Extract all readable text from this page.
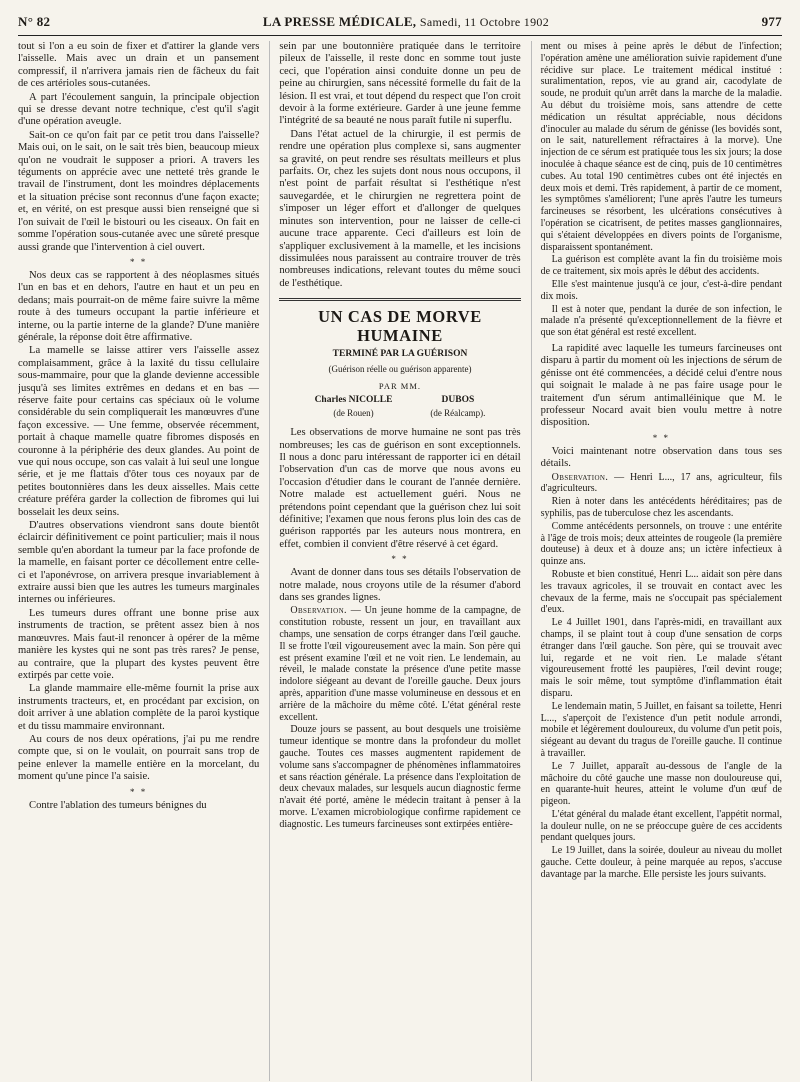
N° 82	LA PRESSE MÉDICALE, Samedi, 11 Octobre 1902	977

tout si l'on a eu soin de fixer et d'attirer la glande vers l'aisselle. Mais avec un drain et un pansement compressif, il n'arrivera jamais rien de fâcheux du fait de ces artérioles sous-cutanées.

A part l'écoulement sanguin, la principale objection qui se dresse devant notre technique, c'est qu'il s'agit d'une opération aveugle.

Sait-on ce qu'on fait par ce petit trou dans l'aisselle? Mais oui, on le sait, on le sait très bien, beaucoup mieux qu'on ne voudrait le supposer a priori. A travers les téguments on apprécie avec une netteté très grande le travail de l'instrument, dont les moindres déplacements et la situation précise sont reconnus d'une façon exacte; et, en vérité, on est presque aussi bien renseigné que si l'on suivait de l'œil le bistouri ou les ciseaux. On fait en somme l'opération sous-cutanée avec une sûreté presque aussi grande que l'intervention à ciel ouvert.

* *

Nos deux cas se rapportent à des néoplasmes situés l'un en bas et en dehors, l'autre en haut et un peu en dedans; mais pourrait-on de même faire suivre la même route à des tumeurs occupant la partie inférieure et interne, ou la partie interne de la glande? D'une manière générale, la réponse doit être affirmative.

La mamelle se laisse attirer vers l'aisselle assez complaisamment, grâce à la laxité du tissu cellulaire sous-mammaire, pour que la glande devienne accessible jusqu'à ses limites extrêmes en dedans et en bas — réserve faite pour certains cas spéciaux où le volume considérable du sein compliquerait les manœuvres d'une façon excessive. — Une femme, observée récemment, portait à chaque mamelle quatre fibromes disposés en couronne à la périphérie des deux glandes. Au point de vue qui nous occupe, son cas valait à lui seul une longue série, et je me flattais d'ôter tous ces noyaux par de petites boutonnières dans les deux aisselles. Mais cette créature préféra garder la collection de fibromes qui lui bosselait les deux seins.

D'autres observations viendront sans doute bientôt éclaircir définitivement ce point particulier; mais il nous semble qu'en abordant la tumeur par la face profonde de la mamelle, en faisant porter ce décollement entre celle-ci et l'aponévrose, on arrivera presque invariablement à extraire aussi bien que les autres les tumeurs marginales internes ou inférieures.

Les tumeurs dures offrant une bonne prise aux instruments de traction, se prêtent assez bien à nos manœuvres. Mais faut-il renoncer à opérer de la même manière les kystes qui ne sont pas très rares? Je pense, au contraire, que la plupart des kystes peuvent être extirpés par cette voie.

La glande mammaire elle-même fournit la prise aux instruments tracteurs, et, en procédant par excision, on doit arriver à une ablation complète de la paroi kystique et du tissu mammaire environnant.

Au cours de nos deux opérations, j'ai pu me rendre compte que, si on le voulait, on pourrait sans trop de peine enlever la mamelle entière en la morcelant, du moment qu'une pince l'a saisie.

* *

Contre l'ablation des tumeurs bénignes du

sein par une boutonnière pratiquée dans le territoire pileux de l'aisselle, il reste donc en somme tout juste ceci, que l'opération ainsi conduite donne un peu de peine au chirurgien, sans nécessité formelle du fait de la lésion. Il est vrai, et tout dépend du respect que l'on croit devoir à la forme extérieure. Garder à une jeune femme l'intégrité de sa beauté ne nous paraît futile ni superflu.

Dans l'état actuel de la chirurgie, il est permis de rendre une opération plus complexe si, sans augmenter sa gravité, on peut rendre ses résultats meilleurs et plus parfaits. Or, chez les sujets dont nous nous occupons, il n'est point de parfait résultat si l'esthétique n'est sauvegardée, et le chirurgien ne regrettera point de s'imposer un léger effort et d'allonger de quelques minutes son intervention, pour ne laisser de celle-ci aucune trace apparente. Ceci d'ailleurs est loin de s'appliquer exclusivement à la mamelle, et les incisions dissimulées nous paraissent au contraire trouver de très nombreuses indications, relevant toutes du même souci de l'esthétique.

UN CAS DE MORVE HUMAINE
TERMINÉ PAR LA GUÉRISON
(Guérison réelle ou guérison apparente)
PAR MM.
Charles NICOLLE
(de Rouen)
DUBOS
(de Réalcamp).

Les observations de morve humaine ne sont pas très nombreuses; les cas de guérison en sont exceptionnels. Il nous a donc paru intéressant de rapporter ici en détail l'observation d'un cas de morve que nous avons eu l'occasion d'étudier dans le courant de l'année dernière. Notre malade est actuellement guéri. Nous ne prétendons point cependant que la guérison chez lui soit définitive; l'examen que nous ferons plus loin des cas de guérison rapportés par les auteurs nous montrera, en effet, combien il convient d'être réservé à cet égard.

* *

Avant de donner dans tous ses détails l'observation de notre malade, nous croyons utile de la résumer d'abord dans ses grandes lignes.

Observation. — Un jeune homme de la campagne, de constitution robuste, ressent un jour, en travaillant aux champs, une sensation de corps étranger dans l'œil gauche. Il se frotte l'œil vigoureusement avec la main. Son père qui est présent examine l'œil et ne voit rien. Le lendemain, au réveil, le malade constate la présence d'une petite masse indolore siégeant au devant de l'oreille gauche. Deux jours après, apparition d'une masse volumineuse en dessous et en arrière de la mâchoire du même côté. L'état général reste excellent.

Douze jours se passent, au bout desquels une troisième tumeur identique se montre dans la profondeur du mollet gauche. Toutes ces masses augmentent rapidement de volume sans s'accompagner de phénomènes inflammatoires et sans réaction générale. La présence dans l'exploitation de deux chevaux malades, sur lesquels aucun diagnostic ferme n'avait été porté, amène le médecin traitant à penser à la morve. L'examen microbiologique confirme rapidement ce diagnostic. Les tumeurs farcineuses sont extirpées entière-

ment ou mises à peine après le début de l'infection; l'opération amène une amélioration suivie rapidement d'une récidive sur place. Le traitement médical institué : suralimentation, repos, vie au grand air, cacodylate de soude, ne produit qu'un arrêt dans la marche de la maladie. Au début du troisième mois, sans attendre de cette médication un résultat appréciable, nous décidons d'inoculer au malade du sérum de génisse (les bovidés sont, on le sait, naturellement réfractaires à la morve). Une injection de ce sérum est pratiquée tous les six jours; la dose inoculée à chaque séance est de cinq, puis de 10 centimètres cubes. Au total 190 centimètres cubes ont été injectés en deux mois et demi. Très rapidement, à partir de ce moment, les symptômes s'améliorent; l'une après l'autre les tumeurs farcineuses se résorbent, les ulcérations consécutives à l'opération se cicatrisent, de petites masses ganglionnaires, qui s'étaient développées en divers points de l'organisme, disparaissent spontanément.

La guérison est complète avant la fin du troisième mois de ce traitement, six mois après le début des accidents.

Elle s'est maintenue jusqu'à ce jour, c'est-à-dire pendant dix mois.

Il est à noter que, pendant la durée de son infection, le malade n'a présenté qu'exceptionnellement de la fièvre et que son état général est resté excellent.

La rapidité avec laquelle les tumeurs farcineuses ont disparu à partir du moment où les injections de sérum de génisse ont été commencées, a décidé celui d'entre nous qui soignait le malade à ne pas faire usage pour le traitement d'un sérum antimalléinique que M. le professeur Nocard avait bien voulu mettre à notre disposition.

* *

Voici maintenant notre observation dans tous ses détails.

Observation. — Henri L..., 17 ans, agriculteur, fils d'agriculteurs.

Rien à noter dans les antécédents héréditaires; pas de syphilis, pas de tuberculose chez les ascendants.

Comme antécédents personnels, on trouve : une entérite à l'âge de trois mois; deux atteintes de rougeole (la première douteuse) à deux et à douze ans; un ictère infectieux à quinze ans.

Robuste et bien constitué, Henri L... aidait son père dans les travaux agricoles, il se trouvait en contact avec les chevaux de la ferme, mais ne s'occupait pas spécialement d'eux.

Le 4 Juillet 1901, dans l'après-midi, en travaillant aux champs, il se plaint tout à coup d'une sensation de corps étranger dans l'œil gauche. Son père, qui se trouvait avec lui, regarde et ne voit rien. Le malade s'étant vigoureusement frotté les paupières, l'œil devint rouge; mais le soir même, tout symptôme d'inflammation était disparu.

Le lendemain matin, 5 Juillet, en faisant sa toilette, Henri L..., s'aperçoit de l'existence d'un petit nodule arrondi, mobile et légèrement douloureux, du volume d'un petit pois, siégeant au devant du tragus de l'oreille gauche. Il continue à travailler.

Le 7 Juillet, apparaît au-dessous de l'angle de la mâchoire du côté gauche une masse non douloureuse qui, en quarante-huit heures, atteint le volume d'un œuf de pigeon.

L'état général du malade étant excellent, l'appétit normal, la douleur nulle, on ne se préoccupe guère de ces accidents pendant quelques jours.

Le 19 Juillet, dans la soirée, douleur au niveau du mollet gauche. Cette douleur, à peine marquée au repos, s'accuse davantage par la marche. Elle persiste les jours suivants.
